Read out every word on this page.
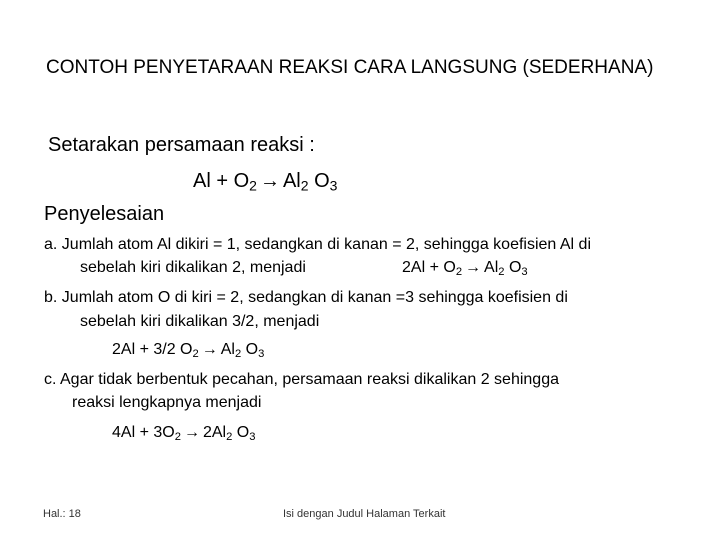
CONTOH PENYETARAAN REAKSI CARA LANGSUNG (SEDERHANA)
Setarakan persamaan reaksi :
$Al + O_2 \to Al_2$ $O_3$
Penyelesaian
a. Jumlah atom Al dikiri = 1, sedangkan di kanan = 2, sehingga koefisien Al di
sebelah kiri dikalikan 2, menjadi	$2Al + O_2 \to Al_2$ $O_3$
b. Jumlah atom O di kiri = 2, sedangkan di kanan =3 sehingga koefisien di
sebelah kiri dikalikan 3/2, menjadi
2Al + 3/2 $O_2 \to Al_2$ $O_3$
c. Agar tidak berbentuk pecahan, persamaan reaksi dikalikan 2 sehingga
reaksi lengkapnya menjadi
$4Al + 3O_2 \to 2Al_2$ $O_3$
Hal.: 18	Isi dengan Judul Halaman Terkait
